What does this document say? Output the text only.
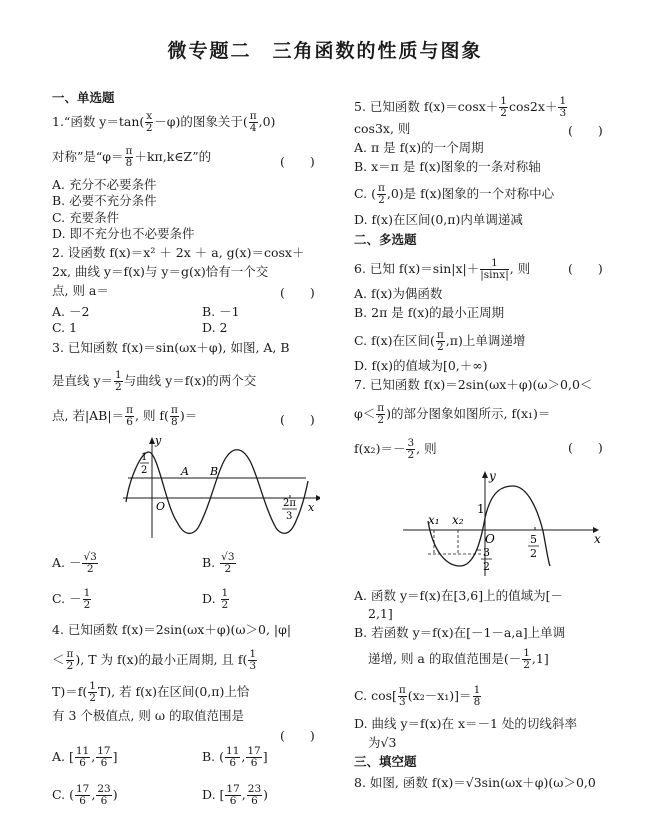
微专题二　三角函数的性质与图象
一、单选题
1.“函数 $y=\tan( \frac{x}{2} -\varphi)$的图象关于( $\frac{\pi}{4} ,0$)
对称”是“$\varphi= \frac{\pi}{8}$ ＋kπ,k∈Z”的	(　　)
A. 充分不必要条件
B. 必要不充分条件
C. 充要条件
D. 即不充分也不必要条件
2. 设函数 f(x)＝x² ＋ 2x ＋ a, g(x)＝cosx＋
2x, 曲线 y＝f(x)与 y＝g(x)恰有一个交
点, 则 a＝	(　　)
A. －2	B. －1
C. 1	D. 2
3. 已知函数 f(x)＝sin(ωx＋φ), 如图, A, B
是直线 $y= \frac{1}{2}$ 与曲线 y＝f(x)的两个交
点, 若$|AB|= \frac{\pi}{6}$ , 则 $f( \frac{\pi}{8}$ )＝	(　　)
y
x
1
2	A B
O	2π
3
A. － $\frac{√3}{2}$	B. $\frac{√3}{2}$
C. － $\frac{1}{2}$	D. $\frac{1}{2}$
4. 已知函数 f(x)＝2sin(ωx＋φ)(ω＞0, |φ|
＜ $\frac{\pi}{2}$ ), T 为 f(x)的最小正周期, 且 $f( \frac{1}{3}$
$T)=f( \frac{1}{2} T)$, 若 f(x)在区间(0,π)上恰
有 3 个极值点, 则 ω 的取值范围是
(　　)
A. [ $\frac{11}{6}$ , $\frac{17}{6}$ ]	B. ( $\frac{11}{6}$ , $\frac{17}{6}$ ]
C. ( $\frac{17}{6}$ , $\frac{23}{6}$ )	D. [ $\frac{17}{6}$ , $\frac{23}{6}$ )
5. 已知函数 $f(x)=\cos x+ \frac{1}{2} \cos 2x+ \frac{1}{3}$
cos3x, 则	(　　)
A. π 是 f(x)的一个周期
B. x＝π 是 f(x)图象的一条对称轴
C. ( $\frac{\pi}{2} ,0$)是 f(x)图象的一个对称中心
D. f(x)在区间(0,π)内单调递减
二、多选题
6. 已知 $f(x)=\sin|x|+ \frac{1}{|\sin x|}$ , 则	(　　)
A. f(x)为偶函数
B. 2π 是 f(x)的最小正周期
C. f(x)在区间( $\frac{\pi}{2} ,\pi$)上单调递增
D. f(x)的值域为[0,＋∞)
7. 已知函数 f(x)＝2sin(ωx＋φ)(ω＞0,0＜
$\varphi< \frac{\pi}{2}$ )的部分图象如图所示, f(x₁)＝
$f(x_2)=- \frac{3}{2}$ , 则	(　　)
y
x
x₁ x₂
1
O	5
2
3
2
A. 函数 y＝f(x)在[3,6]上的值域为[－
2,1]
B. 若函数 y＝f(x)在[－1－a,a]上单调
递增, 则 a 的取值范围是(－ $\frac{1}{2} ,1$]
C. $\cos[ \frac{\pi}{3} (x_2-x_1)]= \frac{1}{8}$
D. 曲线 y＝f(x)在 x＝－1 处的切线斜率
为√3
三、填空题
8. 如图, 函数 f(x)＝√3sin(ωx＋φ)(ω＞0,0
